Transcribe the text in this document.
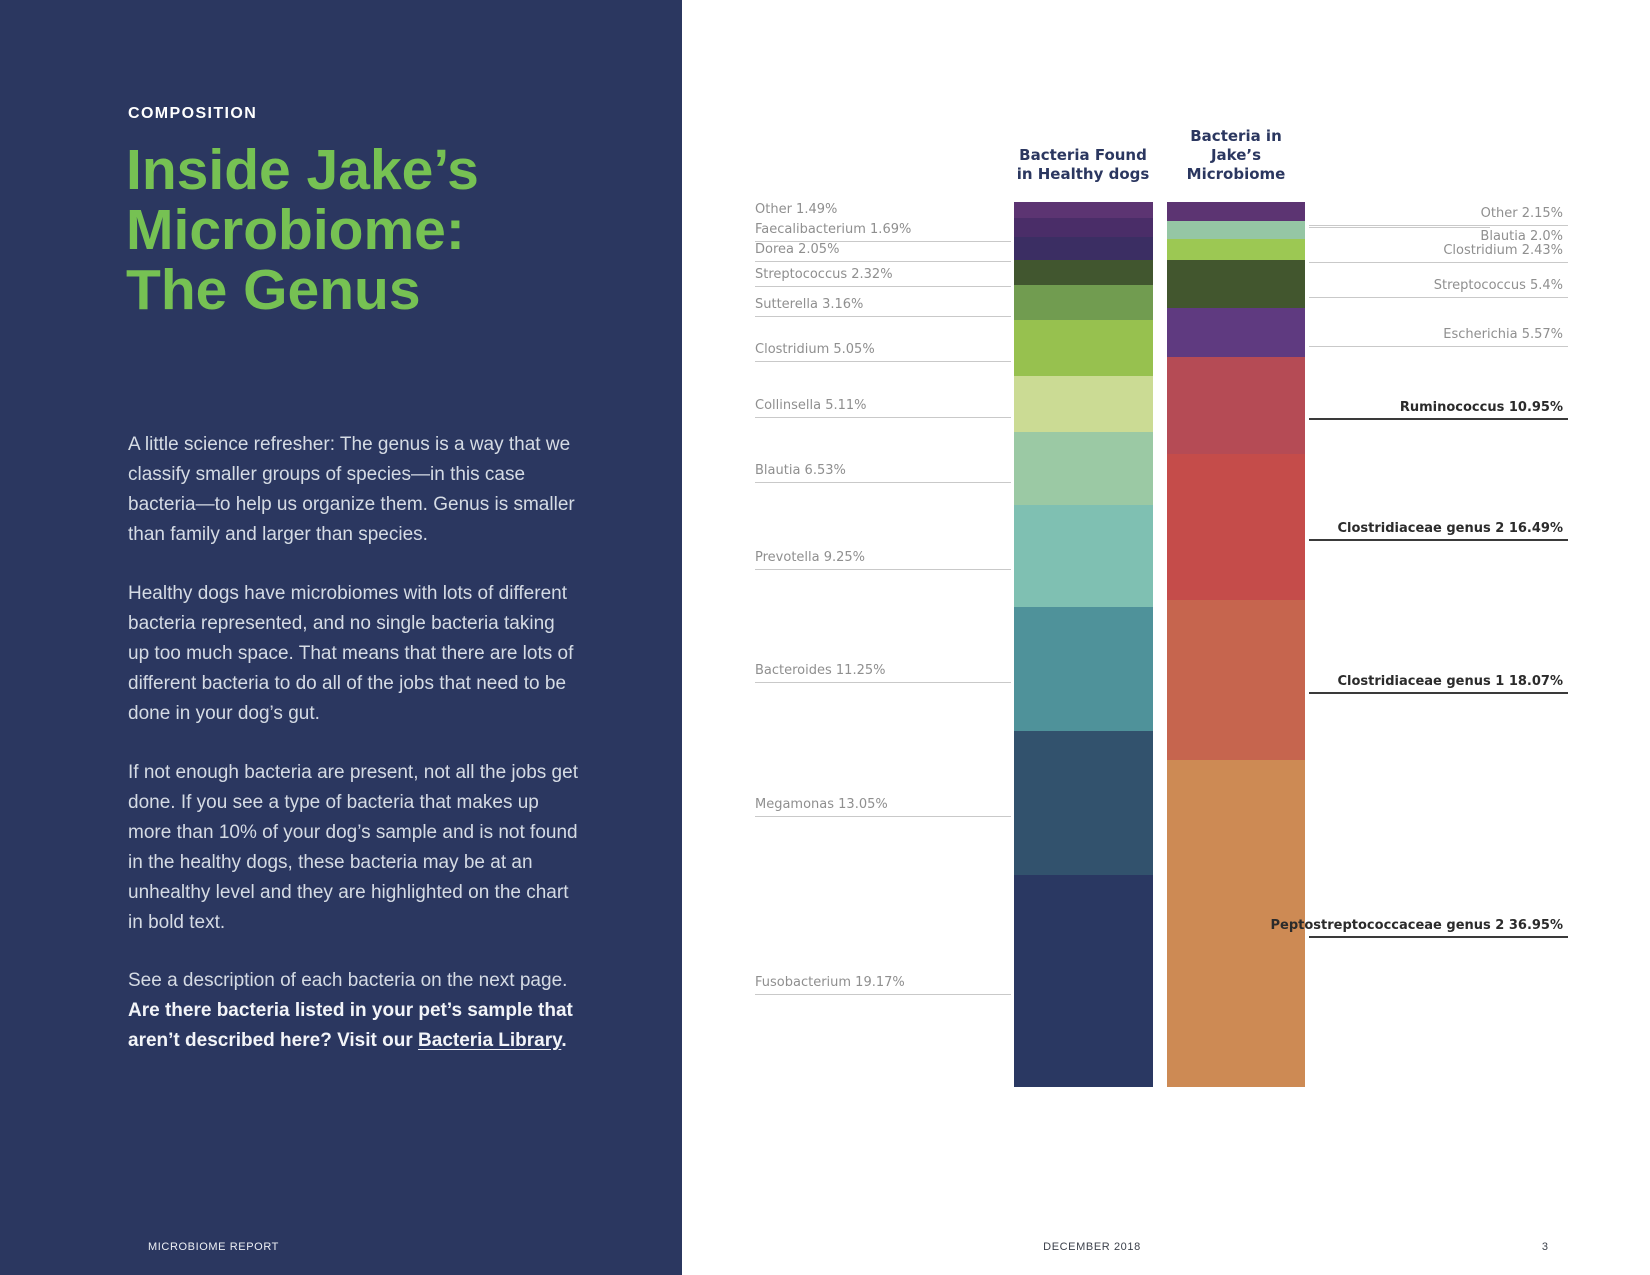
COMPOSITION
Inside Jake’s
Microbiome:
The Genus
A little science refresher: The genus is a way that we classify smaller groups of species—in this case bacteria—to help us organize them. Genus is smaller than family and larger than species.
Healthy dogs have microbiomes with lots of different bacteria represented, and no single bacteria taking up too much space. That means that there are lots of different bacteria to do all of the jobs that need to be done in your dog’s gut.
If not enough bacteria are present, not all the jobs get done. If you see a type of bacteria that makes up more than 10% of your dog’s sample and is not found in the healthy dogs, these bacteria may be at an unhealthy level and they are highlighted on the chart in bold text.
See a description of each bacteria on the next page. Are there bacteria listed in your pet’s sample that aren’t described here? Visit our Bacteria Library.
MICROBIOME REPORT
Bacteria Found
in Healthy dogs
Bacteria in
Jake’s
Microbiome
Other 1.49%
Faecalibacterium 1.69%
Dorea 2.05%
Streptococcus 2.32%
Sutterella 3.16%
Clostridium 5.05%
Collinsella 5.11%
Blautia 6.53%
Prevotella 9.25%
Bacteroides 11.25%
Megamonas 13.05%
Fusobacterium 19.17%
Other 2.15%
Blautia 2.0%
Clostridium 2.43%
Streptococcus 5.4%
Escherichia 5.57%
Ruminococcus 10.95%
Clostridiaceae genus 2 16.49%
Clostridiaceae genus 1 18.07%
Peptostreptococcaceae genus 2 36.95%
DECEMBER 2018	3
